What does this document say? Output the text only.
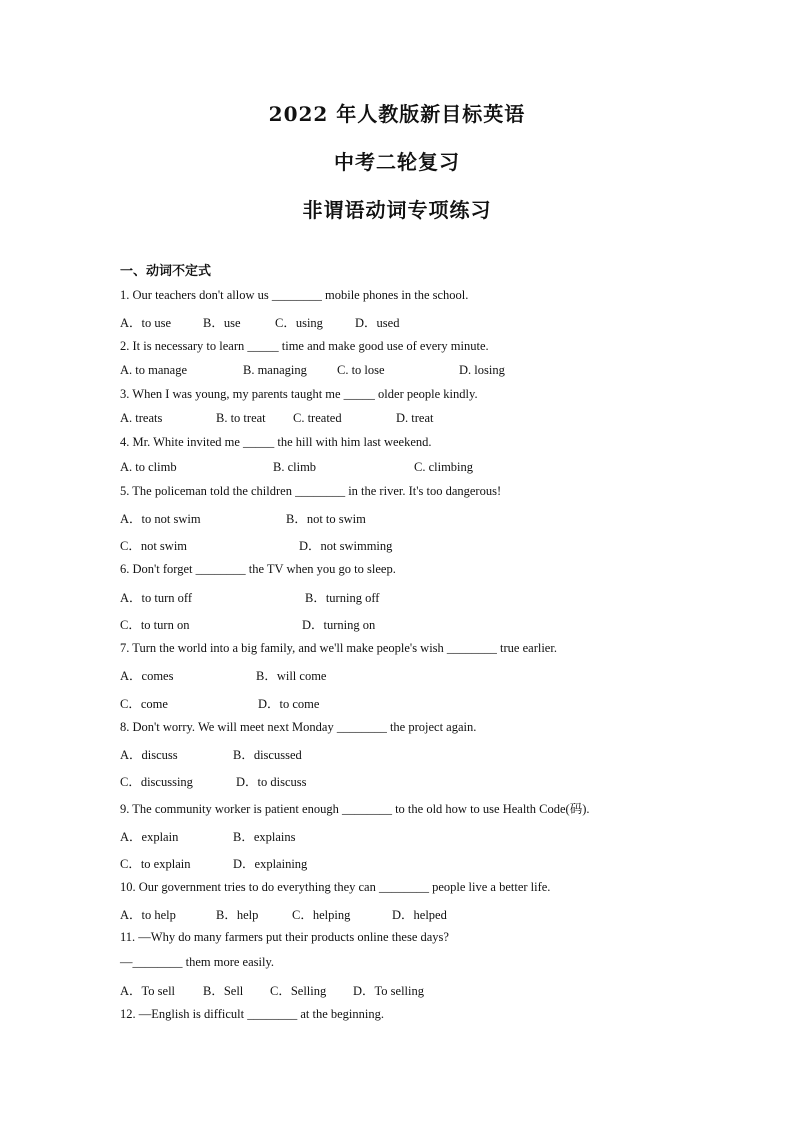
2022 年人教版新目标英语
中考二轮复习
非谓语动词专项练习
一、动词不定式
1. Our teachers don't allow us ________ mobile phones in the school.
A．to use	B．use	C．using	D．used
2. It is necessary to learn _____ time and make good use of every minute.
A. to manage	B. managing C. to lose	D. losing
3. When I was young, my parents taught me _____ older people kindly.
A. treats	B. to treat C. treated	D. treat
4. Mr. White invited me _____ the hill with him last weekend.
A. to climb	B. climb	C. climbing
5. The policeman told the children ________ in the river. It's too dangerous!
A．to not swim	B．not to swim
C．not swim	D．not swimming
6. Don't forget ________ the TV when you go to sleep.
A．to turn off	B．turning off
C．to turn on	D．turning on
7. Turn the world into a big family, and we'll make people's wish ________ true earlier.
A．comes	B．will come
C．come	D．to come
8. Don't worry. We will meet next Monday ________ the project again.
A．discuss	B．discussed
C．discussing	D．to discuss
9. The community worker is patient enough ________ to the old how to use Health Code(码).
A．explain	B．explains
C．to explain	D．explaining
10. Our government tries to do everything they can ________ people live a better life.
A．to help	B．help	C．helping	D．helped
11. —Why do many farmers put their products online these days?
—________ them more easily.
A．To sell B．Sell C．Selling D．To selling
12. —English is difficult ________ at the beginning.
